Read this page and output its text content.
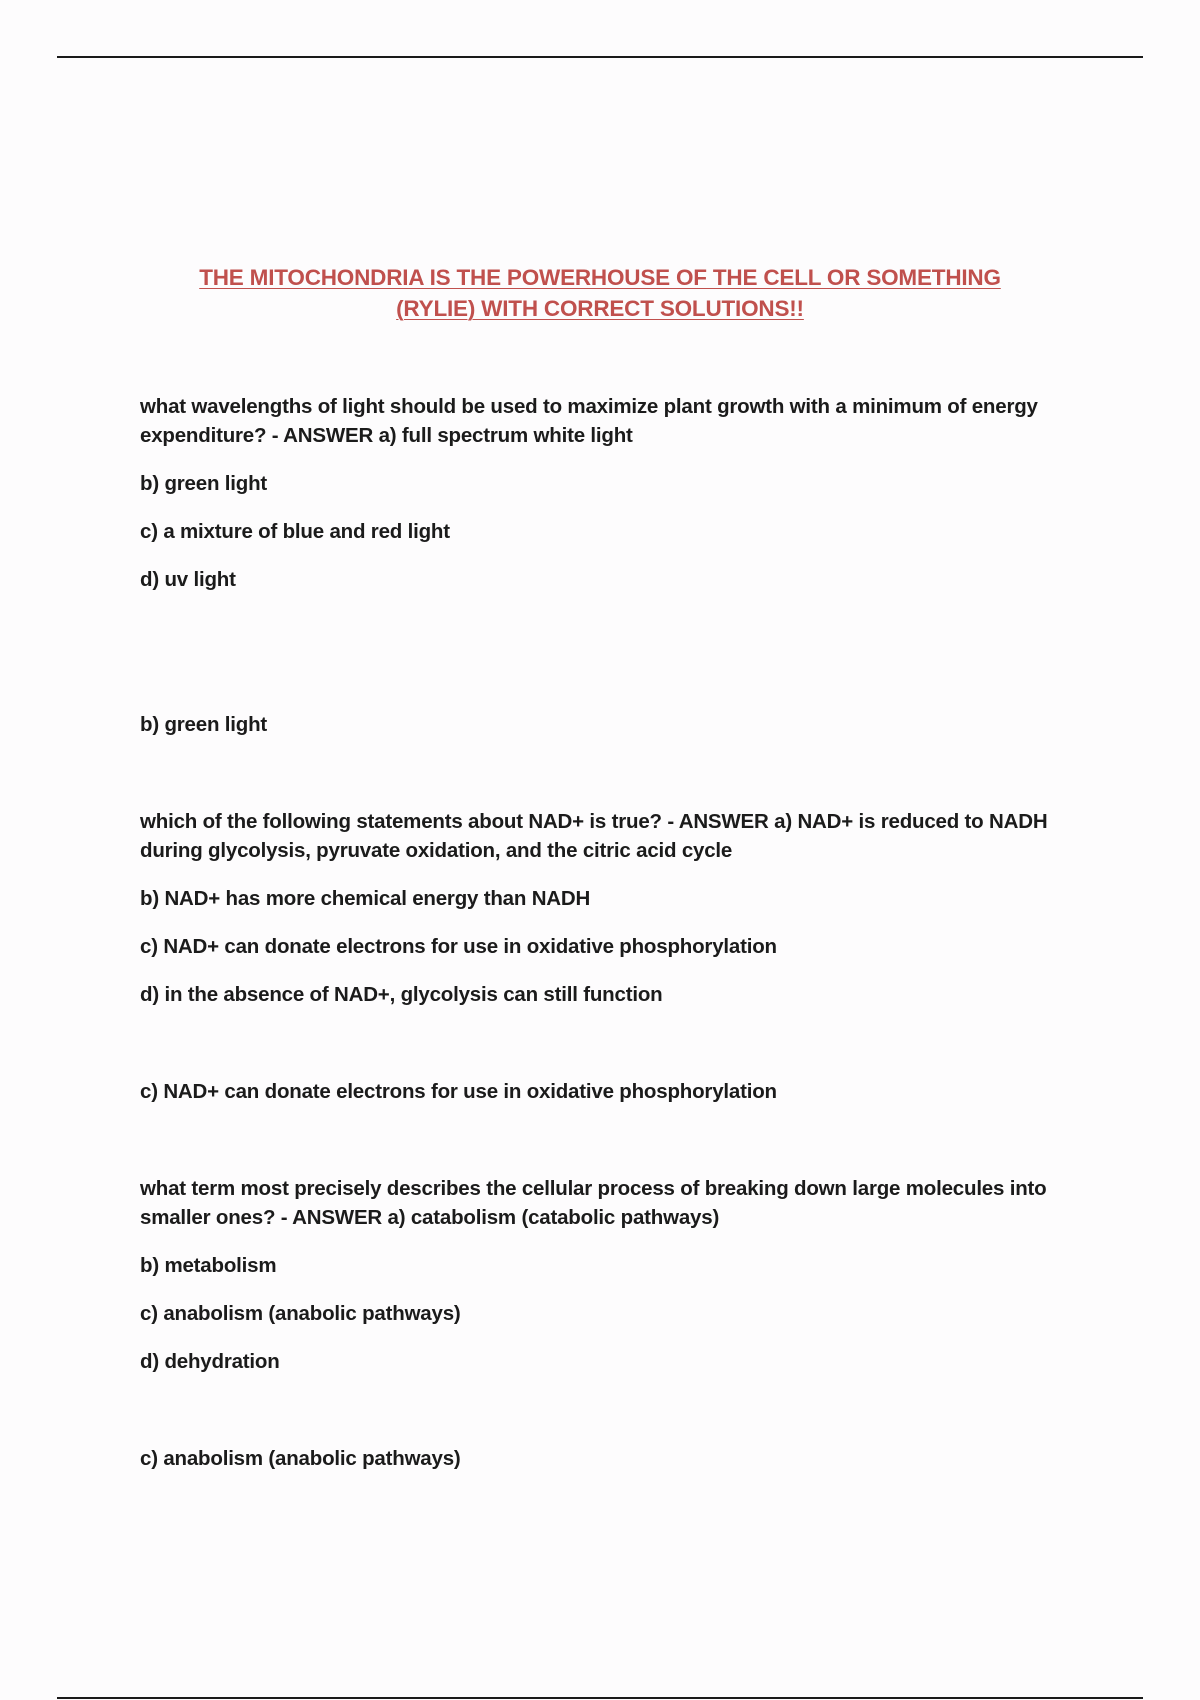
THE MITOCHONDRIA IS THE POWERHOUSE OF THE CELL OR SOMETHING
(RYLIE) WITH CORRECT SOLUTIONS!!

what wavelengths of light should be used to maximize plant growth with a minimum of energy expenditure? - ANSWER a) full spectrum white light

b) green light

c) a mixture of blue and red light

d) uv light

b) green light

which of the following statements about NAD+ is true? - ANSWER a) NAD+ is reduced to NADH during glycolysis, pyruvate oxidation, and the citric acid cycle

b) NAD+ has more chemical energy than NADH

c) NAD+ can donate electrons for use in oxidative phosphorylation

d) in the absence of NAD+, glycolysis can still function

c) NAD+ can donate electrons for use in oxidative phosphorylation

what term most precisely describes the cellular process of breaking down large molecules into smaller ones? - ANSWER a) catabolism (catabolic pathways)

b) metabolism

c) anabolism (anabolic pathways)

d) dehydration

c) anabolism (anabolic pathways)
